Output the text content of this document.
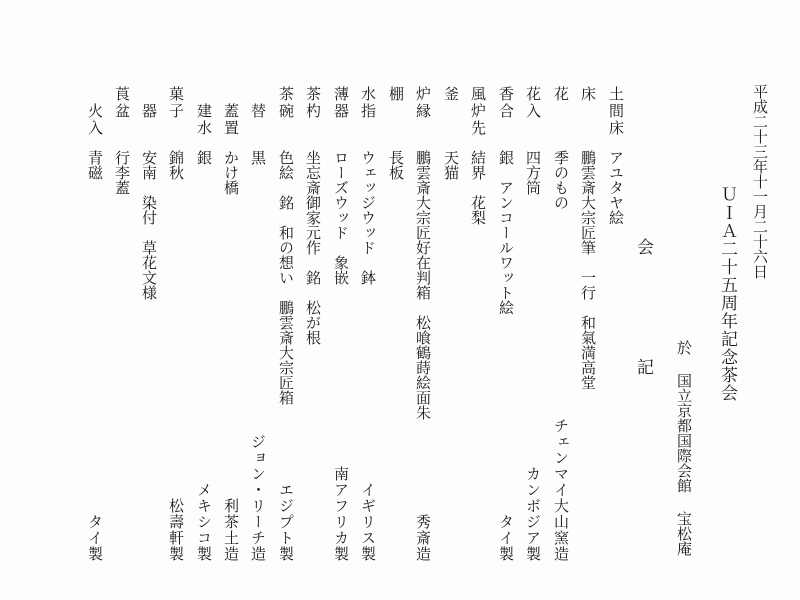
平成二十三年十一月二十六日
ＵＩＡ二十五周年記念茶会
於 国立京都国際会館 宝松庵
会　記
土間床
アユタヤ絵
床
鵬雲斎大宗匠筆　一行　和氣満高堂
花
季のもの
チェンマイ大山窯造
花入
四方筒
カンボジア製
香合
銀　アンコールワット絵
タイ製
風炉先
結界　花梨
釜
天猫
炉縁
鵬雲斎大宗匠好在判箱　松喰鶴蒔絵面朱
秀斎造
棚
長板
水指
ウェッジウッド　鉢
イギリス製
薄器
ローズウッド　象嵌
南アフリカ製
茶杓
坐忘斎御家元作　銘　松が根
茶碗
色絵　銘　和の想い　鵬雲斎大宗匠箱
エジプト製
　替
黒
ジョン・リーチ造
　蓋置
かけ橋
利茶土造
　建水
銀
メキシコ製
菓子
錦秋
松壽軒製
　器
安南　染付　草花文様
莨盆
行李蓋
　火入
青磁
タイ製
